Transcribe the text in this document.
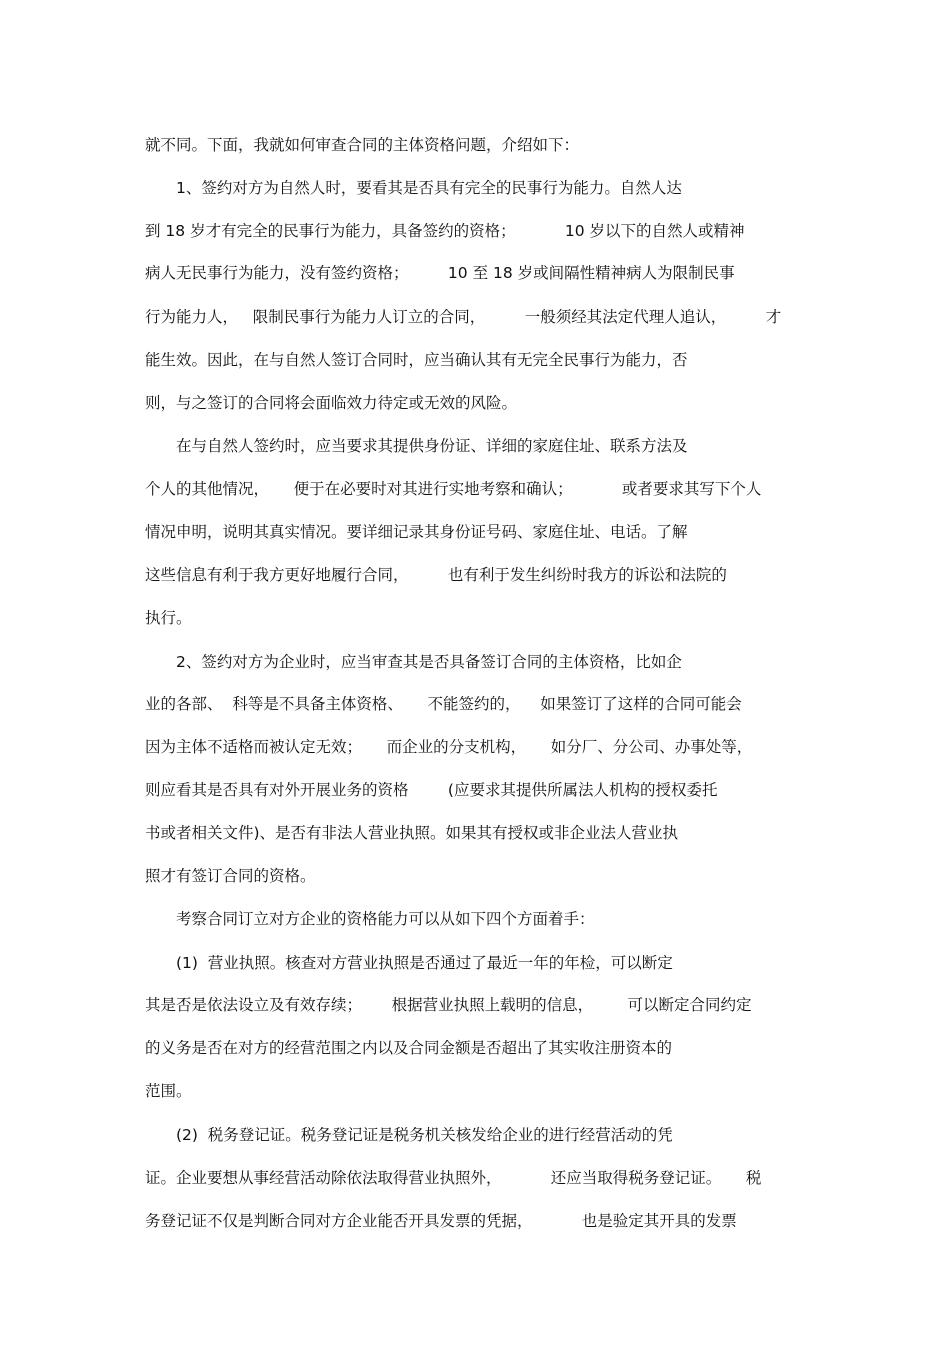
就不同。下面，我就如何审查合同的主体资格问题，介绍如下：
1、签约对方为自然人时，要看其是否具有完全的民事行为能力。自然人达
到 18 岁才有完全的民事行为能力，具备签约的资格；          10 岁以下的自然人或精神
病人无民事行为能力，没有签约资格；        10 至 18 岁或间隔性精神病人为限制民事
行为能力人，   限制民事行为能力人订立的合同，        一般须经其法定代理人追认，        才
能生效。因此，在与自然人签订合同时，应当确认其有无完全民事行为能力，否
则，与之签订的合同将会面临效力待定或无效的风险。
在与自然人签约时，应当要求其提供身份证、详细的家庭住址、联系方法及
个人的其他情况，     便于在必要时对其进行实地考察和确认；          或者要求其写下个人
情况申明，说明其真实情况。要详细记录其身份证号码、家庭住址、电话。了解
这些信息有利于我方更好地履行合同，        也有利于发生纠纷时我方的诉讼和法院的
执行。
2、签约对方为企业时，应当审查其是否具备签订合同的主体资格，比如企
业的各部、  科等是不具备主体资格、     不能签约的，    如果签订了这样的合同可能会
因为主体不适格而被认定无效；     而企业的分支机构，     如分厂、分公司、办事处等，
则应看其是否具有对外开展业务的资格        (应要求其提供所属法人机构的授权委托
书或者相关文件)、是否有非法人营业执照。如果其有授权或非企业法人营业执
照才有签订合同的资格。
考察合同订立对方企业的资格能力可以从如下四个方面着手：
(1)  营业执照。核查对方营业执照是否通过了最近一年的年检，可以断定
其是否是依法设立及有效存续；      根据营业执照上载明的信息，       可以断定合同约定
的义务是否在对方的经营范围之内以及合同金额是否超出了其实收注册资本的
范围。
(2)  税务登记证。税务登记证是税务机关核发给企业的进行经营活动的凭
证。企业要想从事经营活动除依法取得营业执照外，          还应当取得税务登记证。     税
务登记证不仅是判断合同对方企业能否开具发票的凭据，          也是验定其开具的发票
